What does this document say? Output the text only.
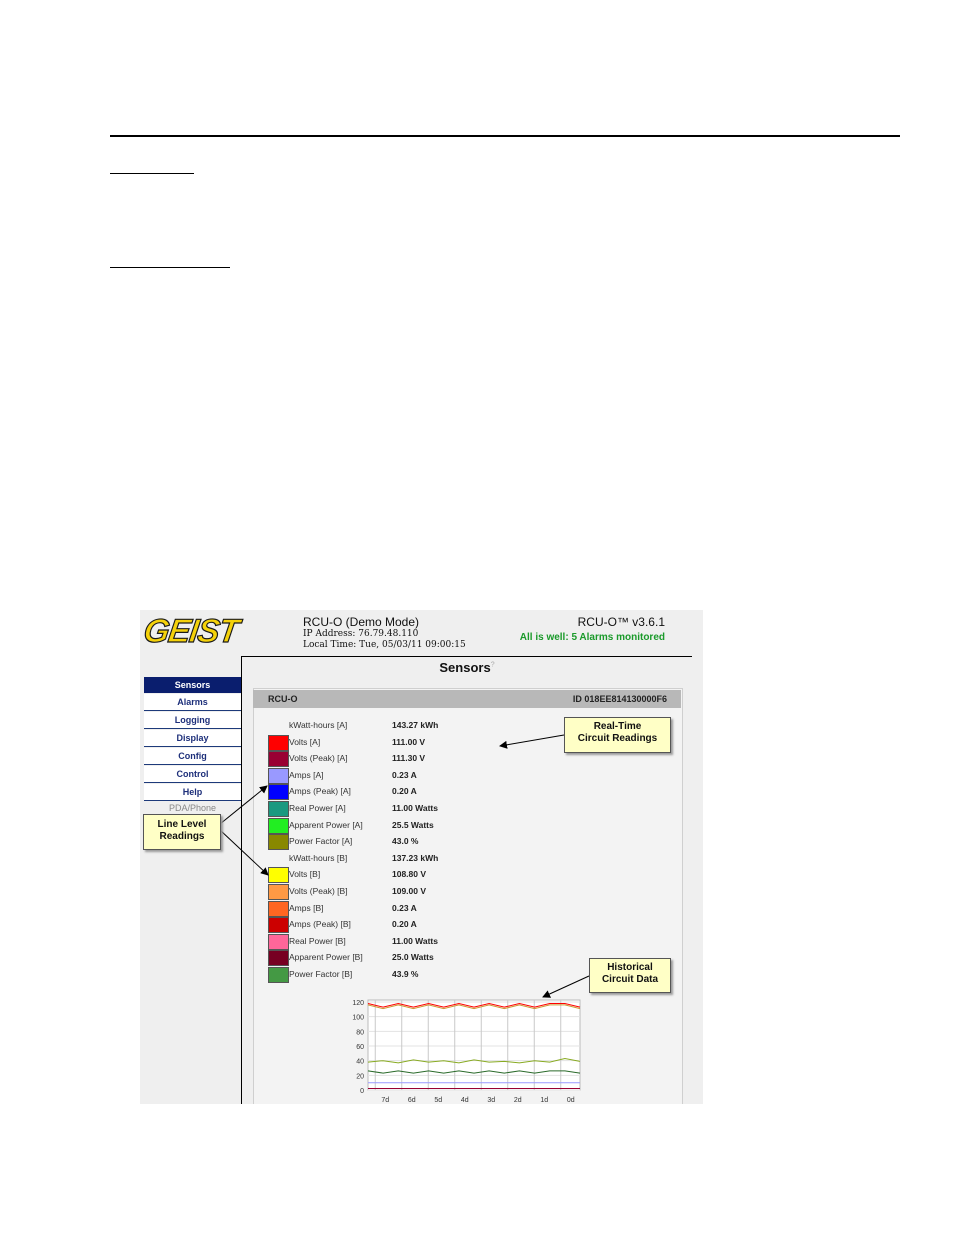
GEIST	RCU-O (Demo Mode)
IP Address: 76.79.48.110
Local Time: Tue, 05/03/11 09:00:15
RCU-O™ v3.6.1
All is well: 5 Alarms monitored
Sensors
Alarms
Logging
Display
Config
Control
Help
PDA/Phone
Sensors?
RCU-O	ID 018EE814130000F6
kWatt-hours [A]	143.27 kWh
Volts [A]	111.00 V
Volts (Peak) [A]	111.30 V
Amps [A]	0.23 A
Amps (Peak) [A]	0.20 A
Real Power [A]	11.00 Watts
Apparent Power [A]	25.5 Watts
Power Factor [A]	43.0 %
kWatt-hours [B]	137.23 kWh
Volts [B]	108.80 V
Volts (Peak) [B]	109.00 V
Amps [B]	0.23 A
Amps (Peak) [B]	0.20 A
Real Power [B]	11.00 Watts
Apparent Power [B]	25.0 Watts
Power Factor [B]	43.9 %
0
20
40
60
80
100
120
7d	6d	5d	4d	3d	2d	1d	0d
Real-Time
Circuit Readings
Line Level
Readings
Historical
Circuit Data
